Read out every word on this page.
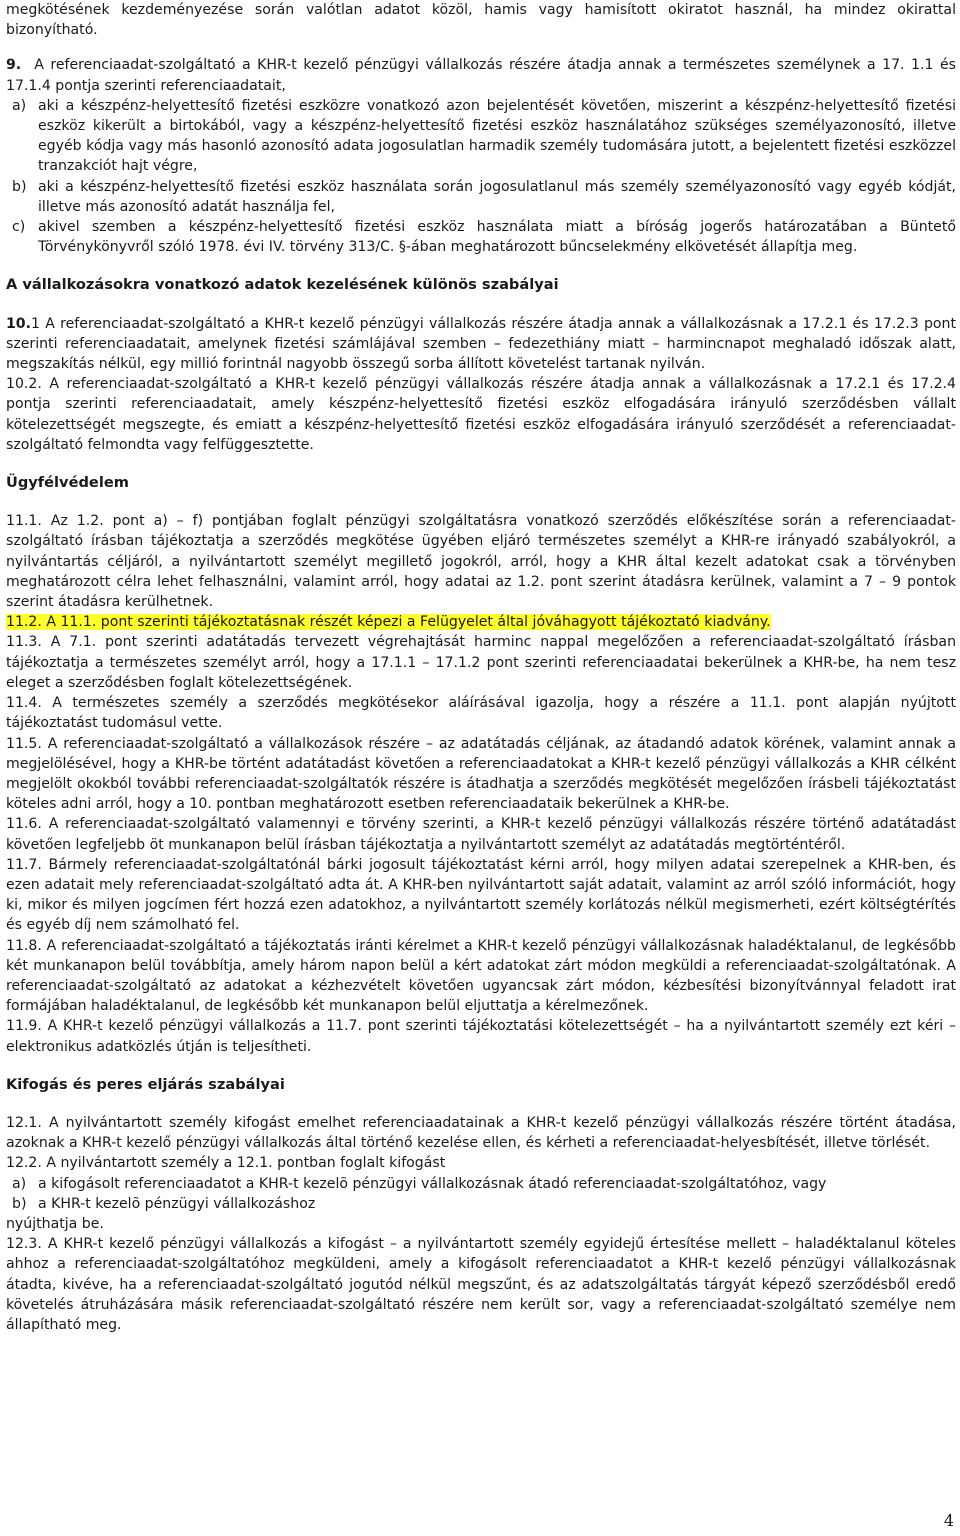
megkötésének kezdeményezése során valótlan adatot közöl, hamis vagy hamisított okiratot használ, ha mindez okirattal bizonyítható.

9. A referenciaadat-szolgáltató a KHR-t kezelő pénzügyi vállalkozás részére átadja annak a természetes személynek a 17. 1.1 és 17.1.4 pontja szerinti referenciaadatait,

a) aki a készpénz-helyettesítő fizetési eszközre vonatkozó azon bejelentését követően, miszerint a készpénz-helyettesítő fizetési eszköz kikerült a birtokából, vagy a készpénz-helyettesítő fizetési eszköz használatához szükséges személyazonosító, illetve egyéb kódja vagy más hasonló azonosító adata jogosulatlan harmadik személy tudomására jutott, a bejelentett fizetési eszközzel tranzakciót hajt végre,
b) aki a készpénz-helyettesítő fizetési eszköz használata során jogosulatlanul más személy személyazonosító vagy egyéb kódját, illetve más azonosító adatát használja fel,
c) akivel szemben a készpénz-helyettesítő fizetési eszköz használata miatt a bíróság jogerős határozatában a Büntető Törvénykönyvről szóló 1978. évi IV. törvény 313/C. §-ában meghatározott bűncselekmény elkövetését állapítja meg.

A vállalkozásokra vonatkozó adatok kezelésének különös szabályai

10.1 A referenciaadat-szolgáltató a KHR-t kezelő pénzügyi vállalkozás részére átadja annak a vállalkozásnak a 17.2.1 és 17.2.3 pont szerinti referenciaadatait, amelynek fizetési számlájával szemben – fedezethiány miatt – harmincnapot meghaladó időszak alatt, megszakítás nélkül, egy millió forintnál nagyobb összegű sorba állított követelést tartanak nyilván.

10.2. A referenciaadat-szolgáltató a KHR-t kezelő pénzügyi vállalkozás részére átadja annak a vállalkozásnak a 17.2.1 és 17.2.4 pontja szerinti referenciaadatait, amely készpénz-helyettesítő fizetési eszköz elfogadására irányuló szerződésben vállalt kötelezettségét megszegte, és emiatt a készpénz-helyettesítő fizetési eszköz elfogadására irányuló szerződését a referenciaadat-szolgáltató felmondta vagy felfüggesztette.

Ügyfélvédelem

11.1. Az 1.2. pont a) – f) pontjában foglalt pénzügyi szolgáltatásra vonatkozó szerződés előkészítése során a referenciaadat-szolgáltató írásban tájékoztatja a szerződés megkötése ügyében eljáró természetes személyt a KHR-re irányadó szabályokról, a nyilvántartás céljáról, a nyilvántartott személyt megillető jogokról, arról, hogy a KHR által kezelt adatokat csak a törvényben meghatározott célra lehet felhasználni, valamint arról, hogy adatai az 1.2. pont szerint átadásra kerülnek, valamint a 7 – 9 pontok szerint átadásra kerülhetnek.

11.2. A 11.1. pont szerinti tájékoztatásnak részét képezi a Felügyelet által jóváhagyott tájékoztató kiadvány.

11.3. A 7.1. pont szerinti adatátadás tervezett végrehajtását harminc nappal megelőzően a referenciaadat-szolgáltató írásban tájékoztatja a természetes személyt arról, hogy a 17.1.1 – 17.1.2 pont szerinti referenciaadatai bekerülnek a KHR-be, ha nem tesz eleget a szerződésben foglalt kötelezettségének.

11.4. A természetes személy a szerződés megkötésekor aláírásával igazolja, hogy a részére a 11.1. pont alapján nyújtott tájékoztatást tudomásul vette.

11.5. A referenciaadat-szolgáltató a vállalkozások részére – az adatátadás céljának, az átadandó adatok körének, valamint annak a megjelölésével, hogy a KHR-be történt adatátadást követően a referenciaadatokat a KHR-t kezelő pénzügyi vállalkozás a KHR célként megjelölt okokból további referenciaadat-szolgáltatók részére is átadhatja a szerződés megkötését megelőzően írásbeli tájékoztatást köteles adni arról, hogy a 10. pontban meghatározott esetben referenciaadataik bekerülnek a KHR-be.

11.6. A referenciaadat-szolgáltató valamennyi e törvény szerinti, a KHR-t kezelő pénzügyi vállalkozás részére történő adatátadást követően legfeljebb öt munkanapon belül írásban tájékoztatja a nyilvántartott személyt az adatátadás megtörténtéről.

11.7. Bármely referenciaadat-szolgáltatónál bárki jogosult tájékoztatást kérni arról, hogy milyen adatai szerepelnek a KHR-ben, és ezen adatait mely referenciaadat-szolgáltató adta át. A KHR-ben nyilvántartott saját adatait, valamint az arról szóló információt, hogy ki, mikor és milyen jogcímen fért hozzá ezen adatokhoz, a nyilvántartott személy korlátozás nélkül megismerheti, ezért költségtérítés és egyéb díj nem számolható fel.

11.8. A referenciaadat-szolgáltató a tájékoztatás iránti kérelmet a KHR-t kezelő pénzügyi vállalkozásnak haladéktalanul, de legkésőbb két munkanapon belül továbbítja, amely három napon belül a kért adatokat zárt módon megküldi a referenciaadat-szolgáltatónak. A referenciaadat-szolgáltató az adatokat a kézhezvételt követően ugyancsak zárt módon, kézbesítési bizonyítvánnyal feladott irat formájában haladéktalanul, de legkésőbb két munkanapon belül eljuttatja a kérelmezőnek.

11.9. A KHR-t kezelő pénzügyi vállalkozás a 11.7. pont szerinti tájékoztatási kötelezettségét – ha a nyilvántartott személy ezt kéri – elektronikus adatközlés útján is teljesítheti.

Kifogás és peres eljárás szabályai

12.1. A nyilvántartott személy kifogást emelhet referenciaadatainak a KHR-t kezelő pénzügyi vállalkozás részére történt átadása, azoknak a KHR-t kezelő pénzügyi vállalkozás által történő kezelése ellen, és kérheti a referenciaadat-helyesbítését, illetve törlését.

12.2. A nyilvántartott személy a 12.1. pontban foglalt kifogást

a) a kifogásolt referenciaadatot a KHR-t kezelõ pénzügyi vállalkozásnak átadó referenciaadat-szolgáltatóhoz, vagy
b) a KHR-t kezelõ pénzügyi vállalkozáshoz

nyújthatja be.

12.3. A KHR-t kezelő pénzügyi vállalkozás a kifogást – a nyilvántartott személy egyidejű értesítése mellett – haladéktalanul köteles ahhoz a referenciaadat-szolgáltatóhoz megküldeni, amely a kifogásolt referenciaadatot a KHR-t kezelő pénzügyi vállalkozásnak átadta, kivéve, ha a referenciaadat-szolgáltató jogutód nélkül megszűnt, és az adatszolgáltatás tárgyát képező szerződésből eredő követelés átruházására másik referenciaadat-szolgáltató részére nem került sor, vagy a referenciaadat-szolgáltató személye nem állapítható meg.

4
